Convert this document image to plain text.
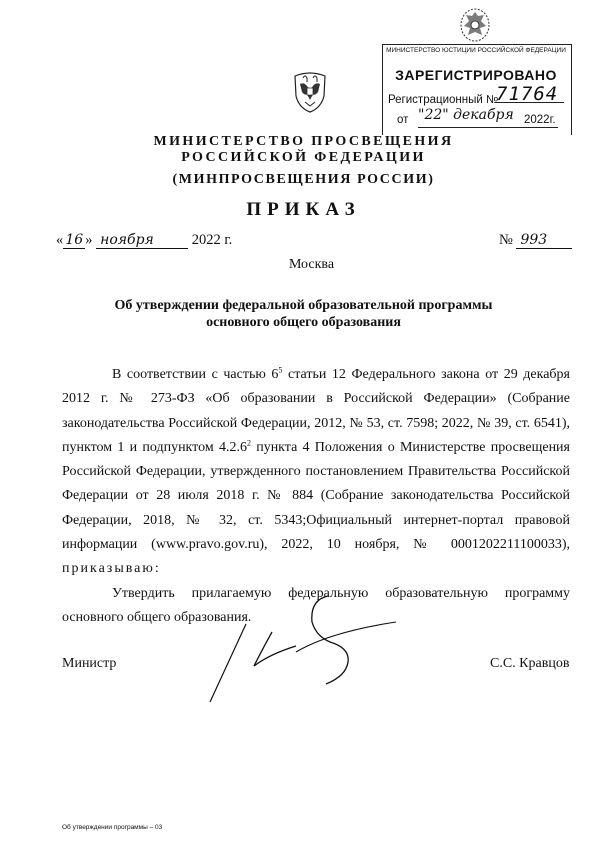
МИНИСТЕРСТВО ЮСТИЦИИ РОССИЙСКОЙ ФЕДЕРАЦИИ
ЗАРЕГИСТРИРОВАНО
Регистрационный №
71764
от "22" декабря 2022г.
МИНИСТЕРСТВО ПРОСВЕЩЕНИЯ
РОССИЙСКОЙ ФЕДЕРАЦИИ
(МИНПРОСВЕЩЕНИЯ РОССИИ)
ПРИКАЗ
« 16 » ноября	2022 г.	№ 993
Москва
Об утверждении федеральной образовательной программы
основного общего образования

В соответствии с частью $6^5$ статьи 12 Федерального закона от 29 декабря 2012 г. № 273-ФЗ «Об образовании в Российской Федерации» (Собрание законодательства Российской Федерации, 2012, № 53, ст. 7598; 2022, № 39, ст. 6541), пунктом 1 и подпунктом 4.2.6$^2$ пункта 4 Положения о Министерстве просвещения Российской Федерации, утвержденного постановлением Правительства Российской Федерации от 28 июля 2018 г. № 884 (Собрание законодательства Российской Федерации, 2018, № 32, ст. 5343;Официальный интернет-портал правовой информации (www.pravo.gov.ru), 2022, 10 ноября, № 0001202211100033), приказываю:

Утвердить прилагаемую федеральную образовательную программу основного общего образования.

Министр	С.С. Кравцов
Об утверждении программы – 03
